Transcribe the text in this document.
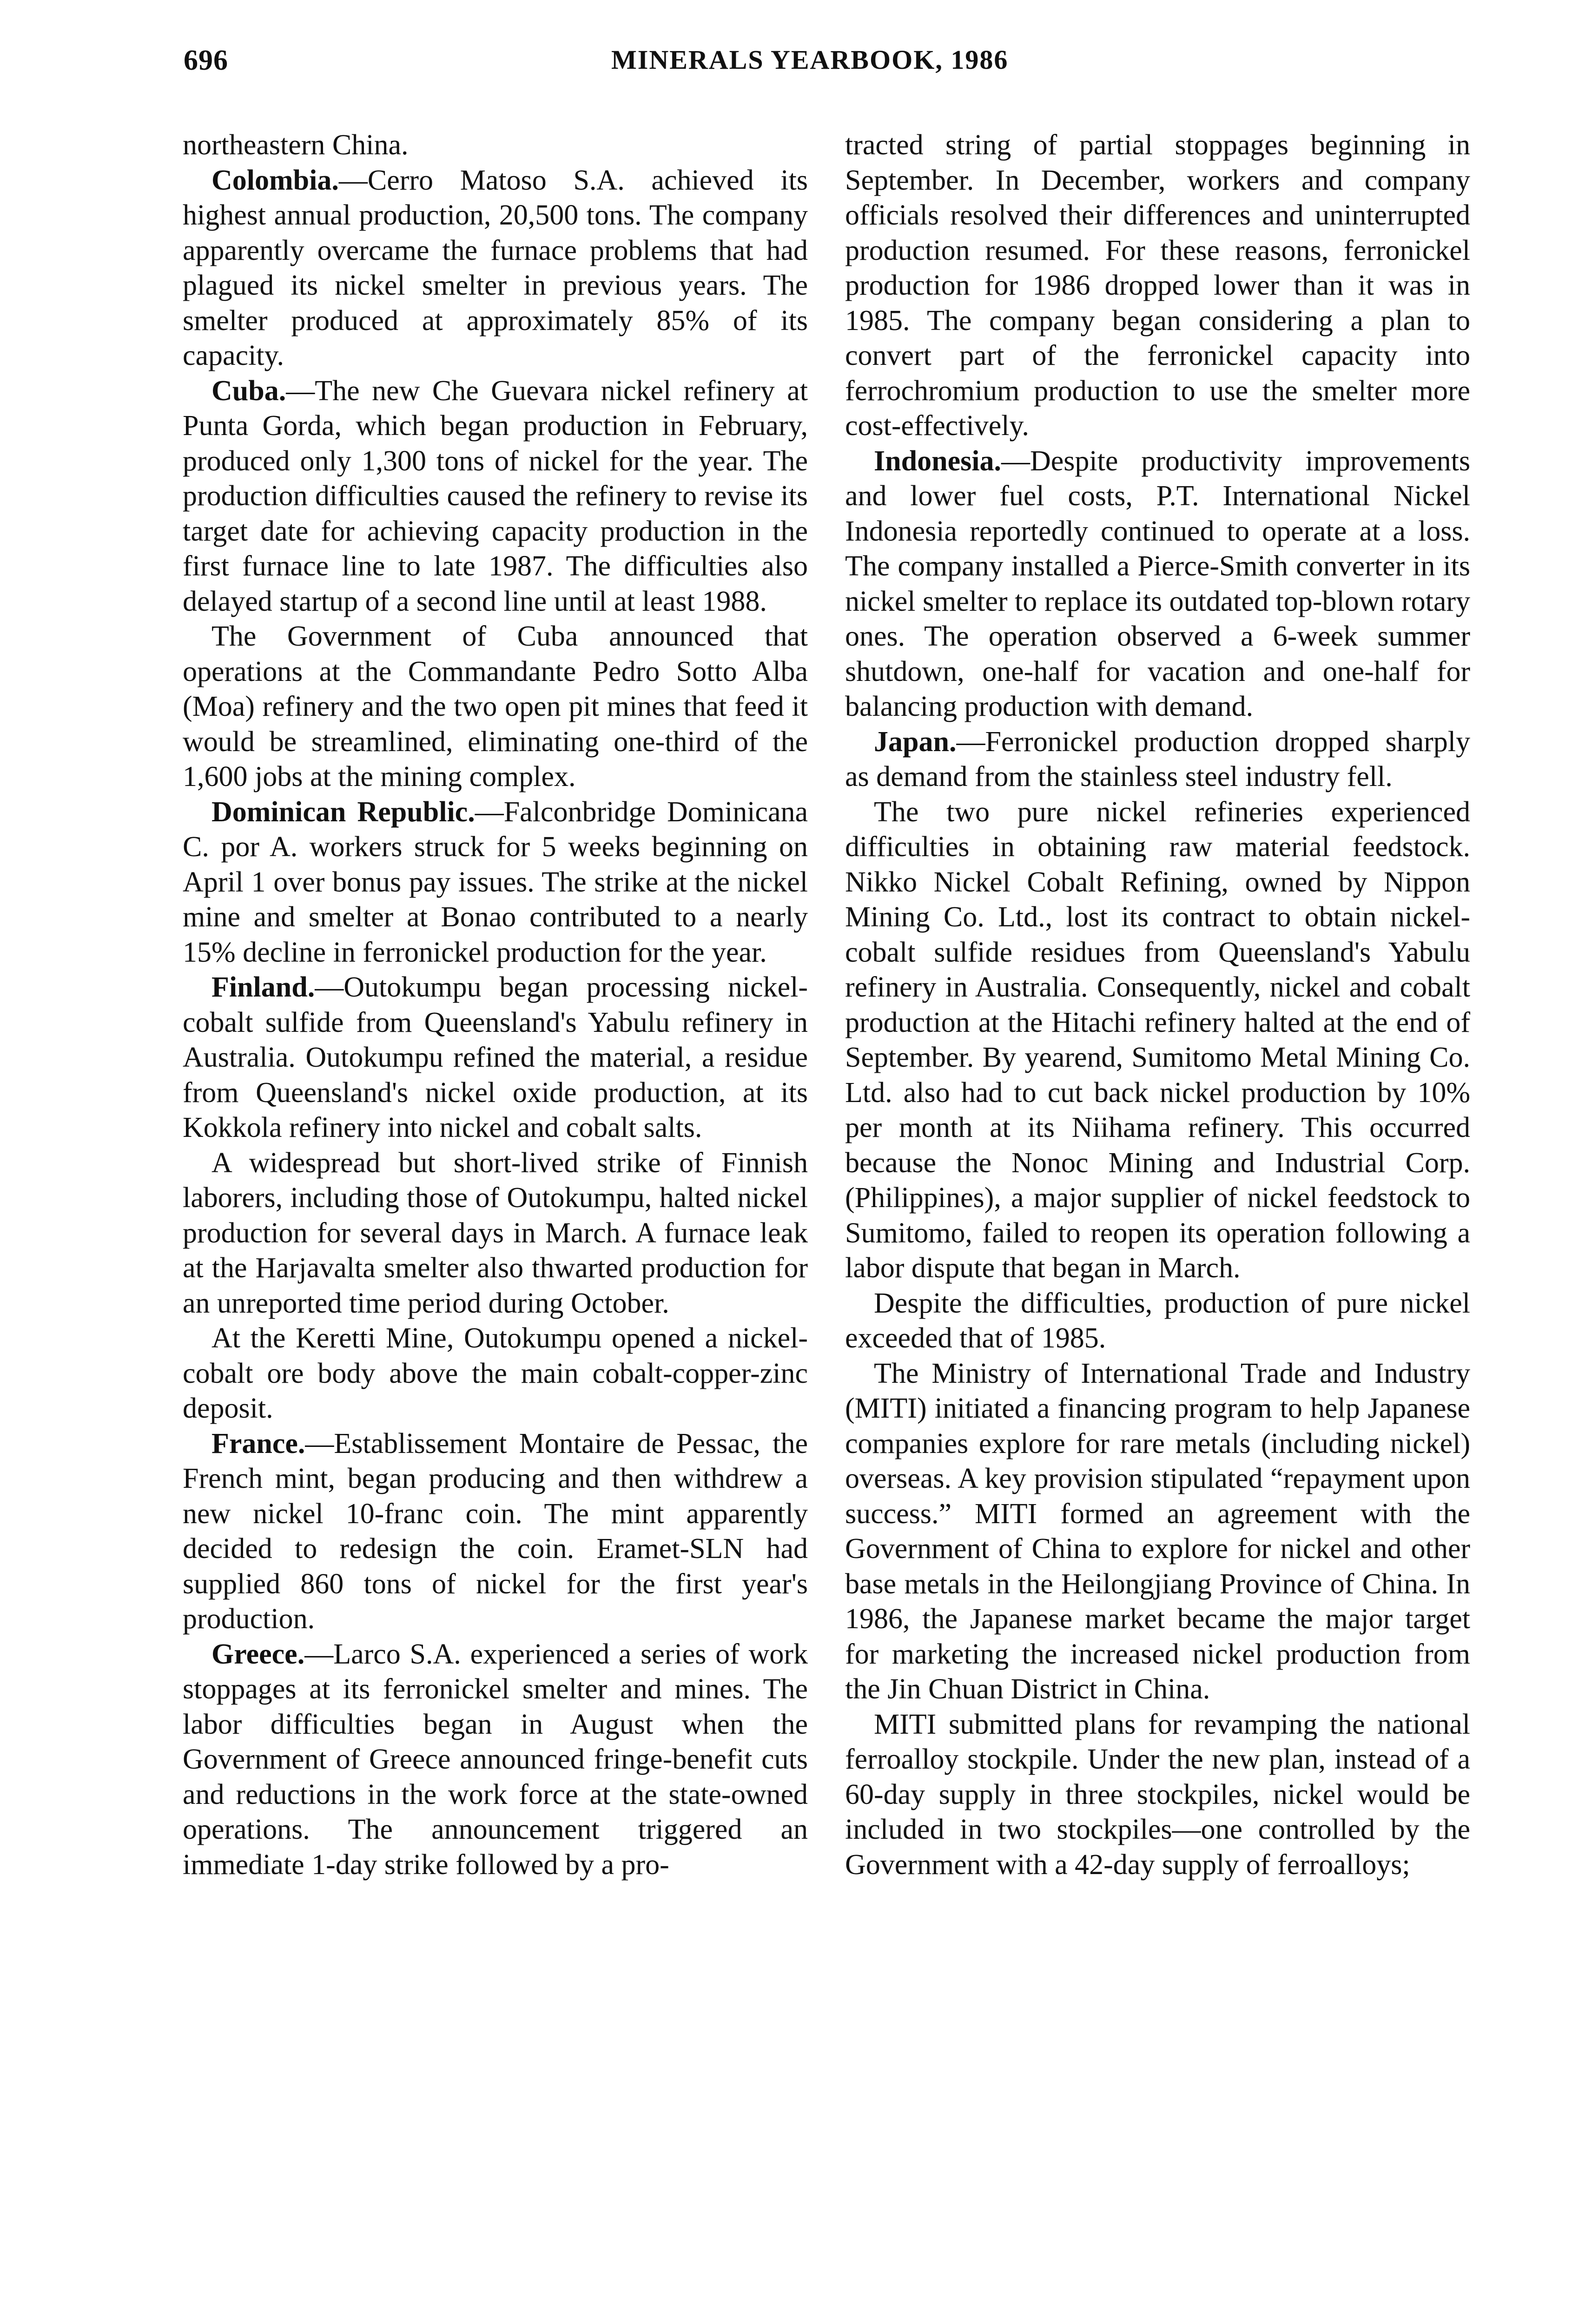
696	MINERALS YEARBOOK, 1986

northeastern China.

Colombia.—Cerro Matoso S.A. achieved its highest annual production, 20,500 tons. The company apparently overcame the furnace problems that had plagued its nickel smelter in previous years. The smelter produced at approximately 85% of its capacity.

Cuba.—The new Che Guevara nickel refinery at Punta Gorda, which began production in February, produced only 1,300 tons of nickel for the year. The production difficulties caused the refinery to revise its target date for achieving capacity production in the first furnace line to late 1987. The difficulties also delayed startup of a second line until at least 1988.

The Government of Cuba announced that operations at the Commandante Pedro Sotto Alba (Moa) refinery and the two open pit mines that feed it would be streamlined, eliminating one-third of the 1,600 jobs at the mining complex.

Dominican Republic.—Falconbridge Dominicana C. por A. workers struck for 5 weeks beginning on April 1 over bonus pay issues. The strike at the nickel mine and smelter at Bonao contributed to a nearly 15% decline in ferronickel production for the year.

Finland.—Outokumpu began processing nickel-cobalt sulfide from Queensland's Yabulu refinery in Australia. Outokumpu refined the material, a residue from Queensland's nickel oxide production, at its Kokkola refinery into nickel and cobalt salts.

A widespread but short-lived strike of Finnish laborers, including those of Outokumpu, halted nickel production for several days in March. A furnace leak at the Harjavalta smelter also thwarted production for an unreported time period during October.

At the Keretti Mine, Outokumpu opened a nickel-cobalt ore body above the main cobalt-copper-zinc deposit.

France.—Establissement Montaire de Pessac, the French mint, began producing and then withdrew a new nickel 10-franc coin. The mint apparently decided to redesign the coin. Eramet-SLN had supplied 860 tons of nickel for the first year's production.

Greece.—Larco S.A. experienced a series of work stoppages at its ferronickel smelter and mines. The labor difficulties began in August when the Government of Greece announced fringe-benefit cuts and reductions in the work force at the state-owned operations. The announcement triggered an immediate 1-day strike followed by a pro-

tracted string of partial stoppages beginning in September. In December, workers and company officials resolved their differences and uninterrupted production resumed. For these reasons, ferronickel production for 1986 dropped lower than it was in 1985. The company began considering a plan to convert part of the ferronickel capacity into ferrochromium production to use the smelter more cost-effectively.

Indonesia.—Despite productivity improvements and lower fuel costs, P.T. International Nickel Indonesia reportedly continued to operate at a loss. The company installed a Pierce-Smith converter in its nickel smelter to replace its outdated top-blown rotary ones. The operation observed a 6-week summer shutdown, one-half for vacation and one-half for balancing production with demand.

Japan.—Ferronickel production dropped sharply as demand from the stainless steel industry fell.

The two pure nickel refineries experienced difficulties in obtaining raw material feedstock. Nikko Nickel Cobalt Refining, owned by Nippon Mining Co. Ltd., lost its contract to obtain nickel-cobalt sulfide residues from Queensland's Yabulu refinery in Australia. Consequently, nickel and cobalt production at the Hitachi refinery halted at the end of September. By yearend, Sumitomo Metal Mining Co. Ltd. also had to cut back nickel production by 10% per month at its Niihama refinery. This occurred because the Nonoc Mining and Industrial Corp. (Philippines), a major supplier of nickel feedstock to Sumitomo, failed to reopen its operation following a labor dispute that began in March.

Despite the difficulties, production of pure nickel exceeded that of 1985.

The Ministry of International Trade and Industry (MITI) initiated a financing program to help Japanese companies explore for rare metals (including nickel) overseas. A key provision stipulated “repayment upon success.” MITI formed an agreement with the Government of China to explore for nickel and other base metals in the Heilongjiang Province of China. In 1986, the Japanese market became the major target for marketing the increased nickel production from the Jin Chuan District in China.

MITI submitted plans for revamping the national ferroalloy stockpile. Under the new plan, instead of a 60-day supply in three stockpiles, nickel would be included in two stockpiles—one controlled by the Government with a 42-day supply of ferroalloys;
